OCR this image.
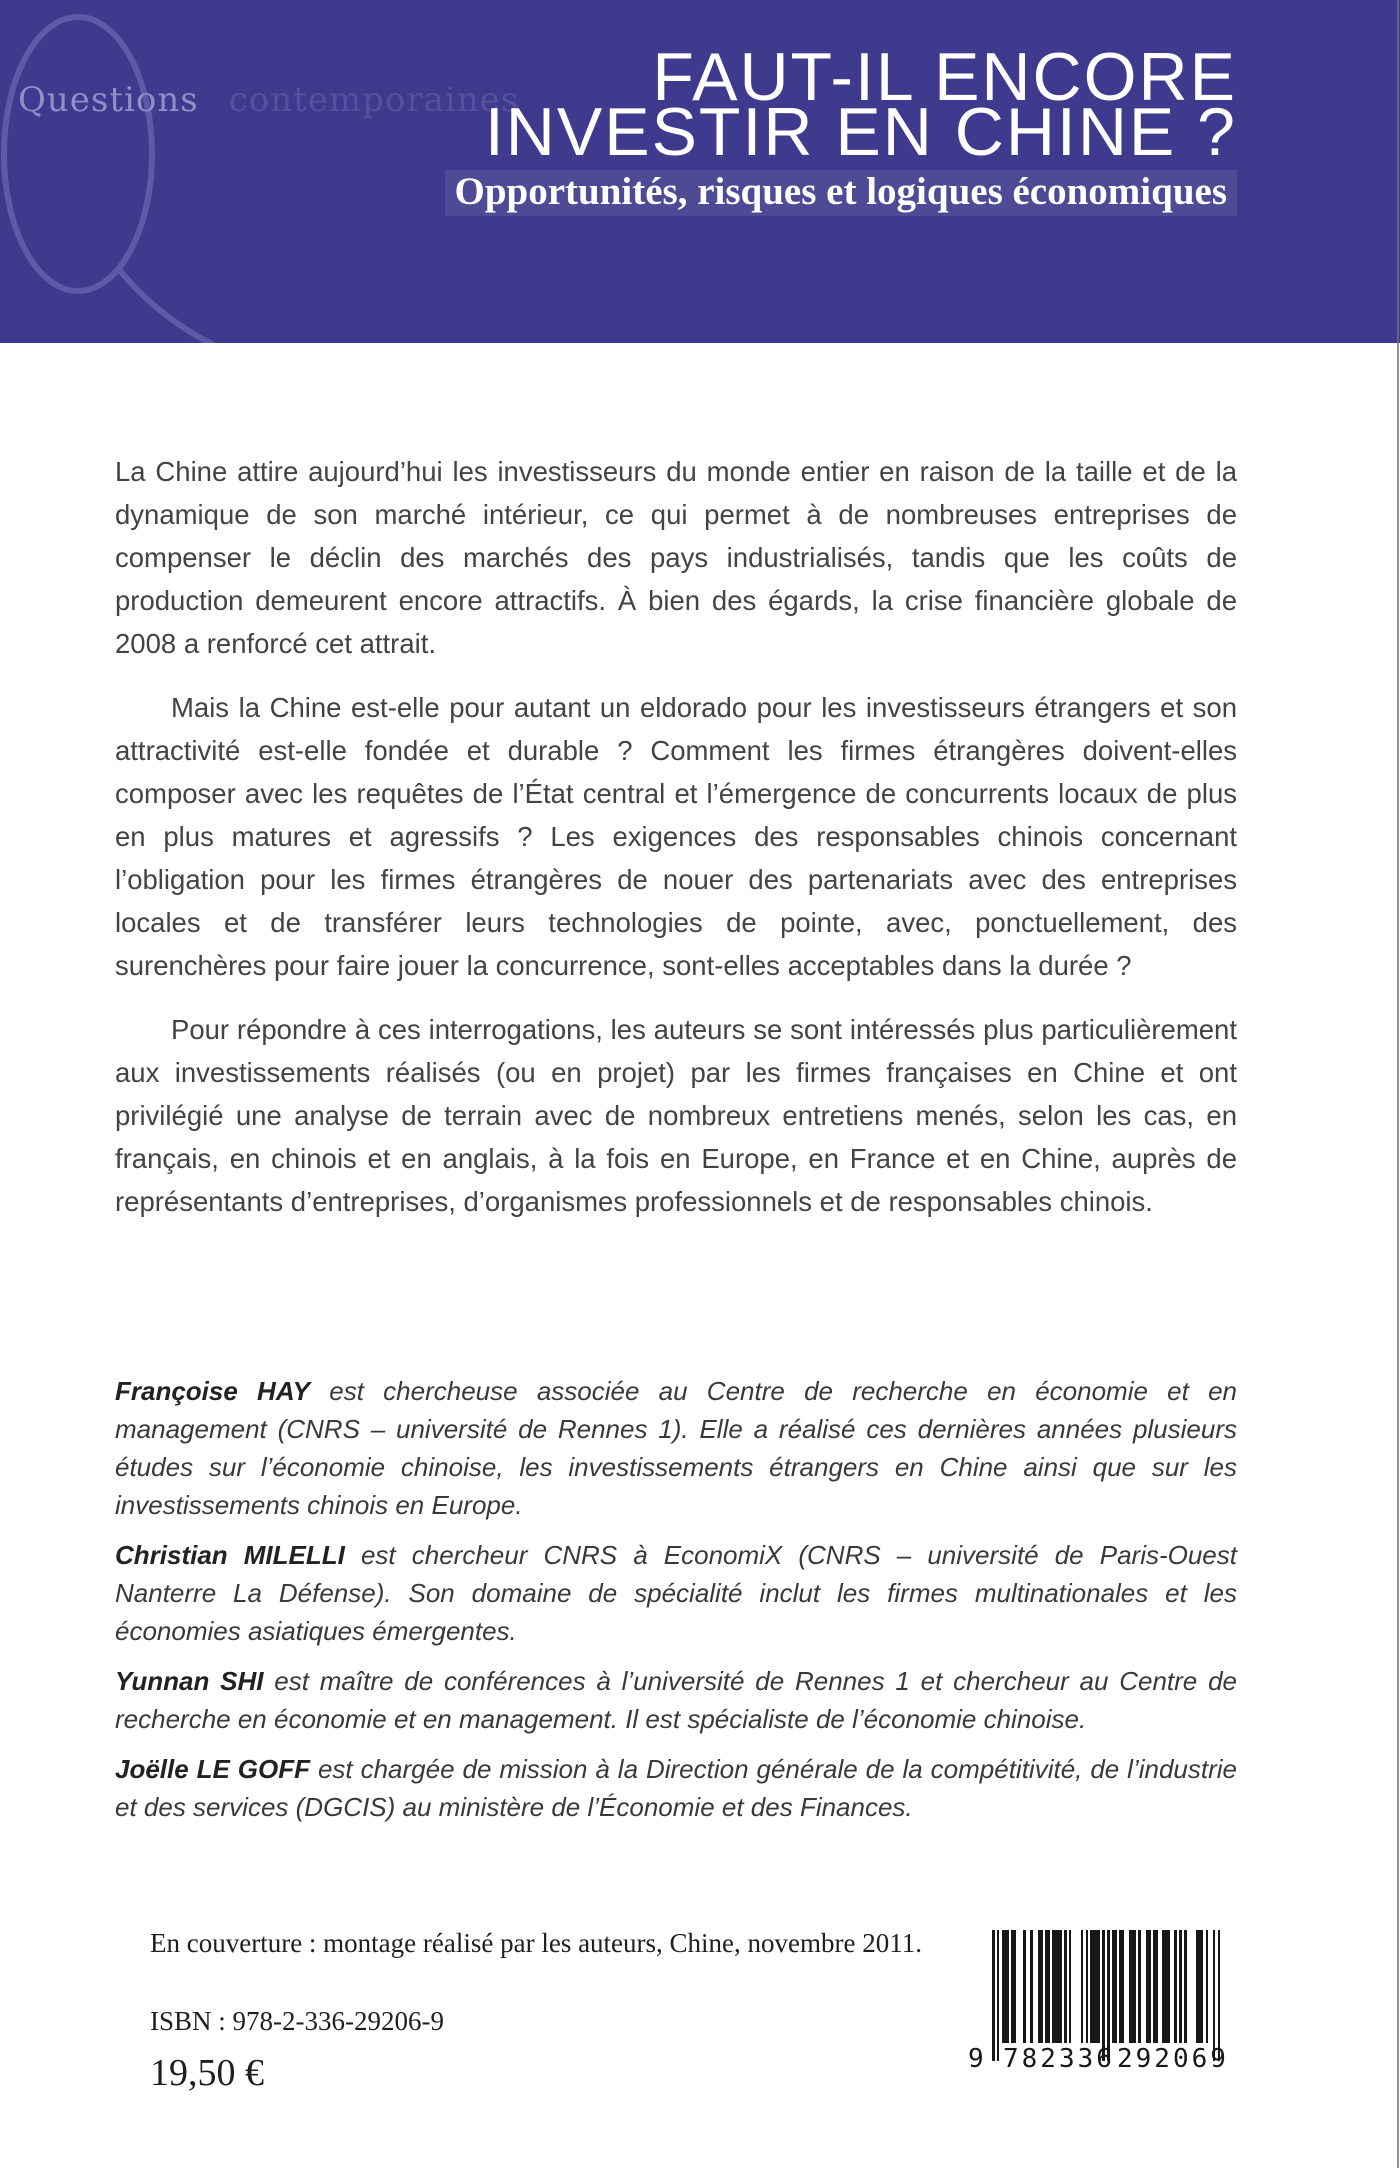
Questions contemporaines	FAUT-IL ENCORE
INVESTIR EN CHINE ?
Opportunités, risques et logiques économiques

La Chine attire aujourd’hui les investisseurs du monde entier en raison de la taille et de la dynamique de son marché intérieur, ce qui permet à de nombreuses entreprises de compenser le déclin des marchés des pays industrialisés, tandis que les coûts de production demeurent encore attractifs. À bien des égards, la crise financière globale de 2008 a renforcé cet attrait.

Mais la Chine est-elle pour autant un eldorado pour les investisseurs étrangers et son attractivité est-elle fondée et durable ? Comment les firmes étrangères doivent-elles composer avec les requêtes de l’État central et l’émergence de concurrents locaux de plus en plus matures et agressifs ? Les exigences des responsables chinois concernant l’obligation pour les firmes étrangères de nouer des partenariats avec des entreprises locales et de transférer leurs technologies de pointe, avec, ponctuellement, des surenchères pour faire jouer la concurrence, sont-elles acceptables dans la durée ?

Pour répondre à ces interrogations, les auteurs se sont intéressés plus particulièrement aux investissements réalisés (ou en projet) par les firmes françaises en Chine et ont privilégié une analyse de terrain avec de nombreux entretiens menés, selon les cas, en français, en chinois et en anglais, à la fois en Europe, en France et en Chine, auprès de représentants d’entreprises, d’organismes professionnels et de responsables chinois.

Françoise HAY est chercheuse associée au Centre de recherche en économie et en management (CNRS – université de Rennes 1). Elle a réalisé ces dernières années plusieurs études sur l’économie chinoise, les investissements étrangers en Chine ainsi que sur les investissements chinois en Europe.

Christian MILELLI est chercheur CNRS à EconomiX (CNRS – université de Paris-Ouest Nanterre La Défense). Son domaine de spécialité inclut les firmes multinationales et les économies asiatiques émergentes.

Yunnan SHI est maître de conférences à l’université de Rennes 1 et chercheur au Centre de recherche en économie et en management. Il est spécialiste de l’économie chinoise.

Joëlle LE GOFF est chargée de mission à la Direction générale de la compétitivité, de l’industrie et des services (DGCIS) au ministère de l’Économie et des Finances.

En couverture : montage réalisé par les auteurs, Chine, novembre 2011.

ISBN : 978-2-336-29206-9

19,50 €	9 782336 292069
